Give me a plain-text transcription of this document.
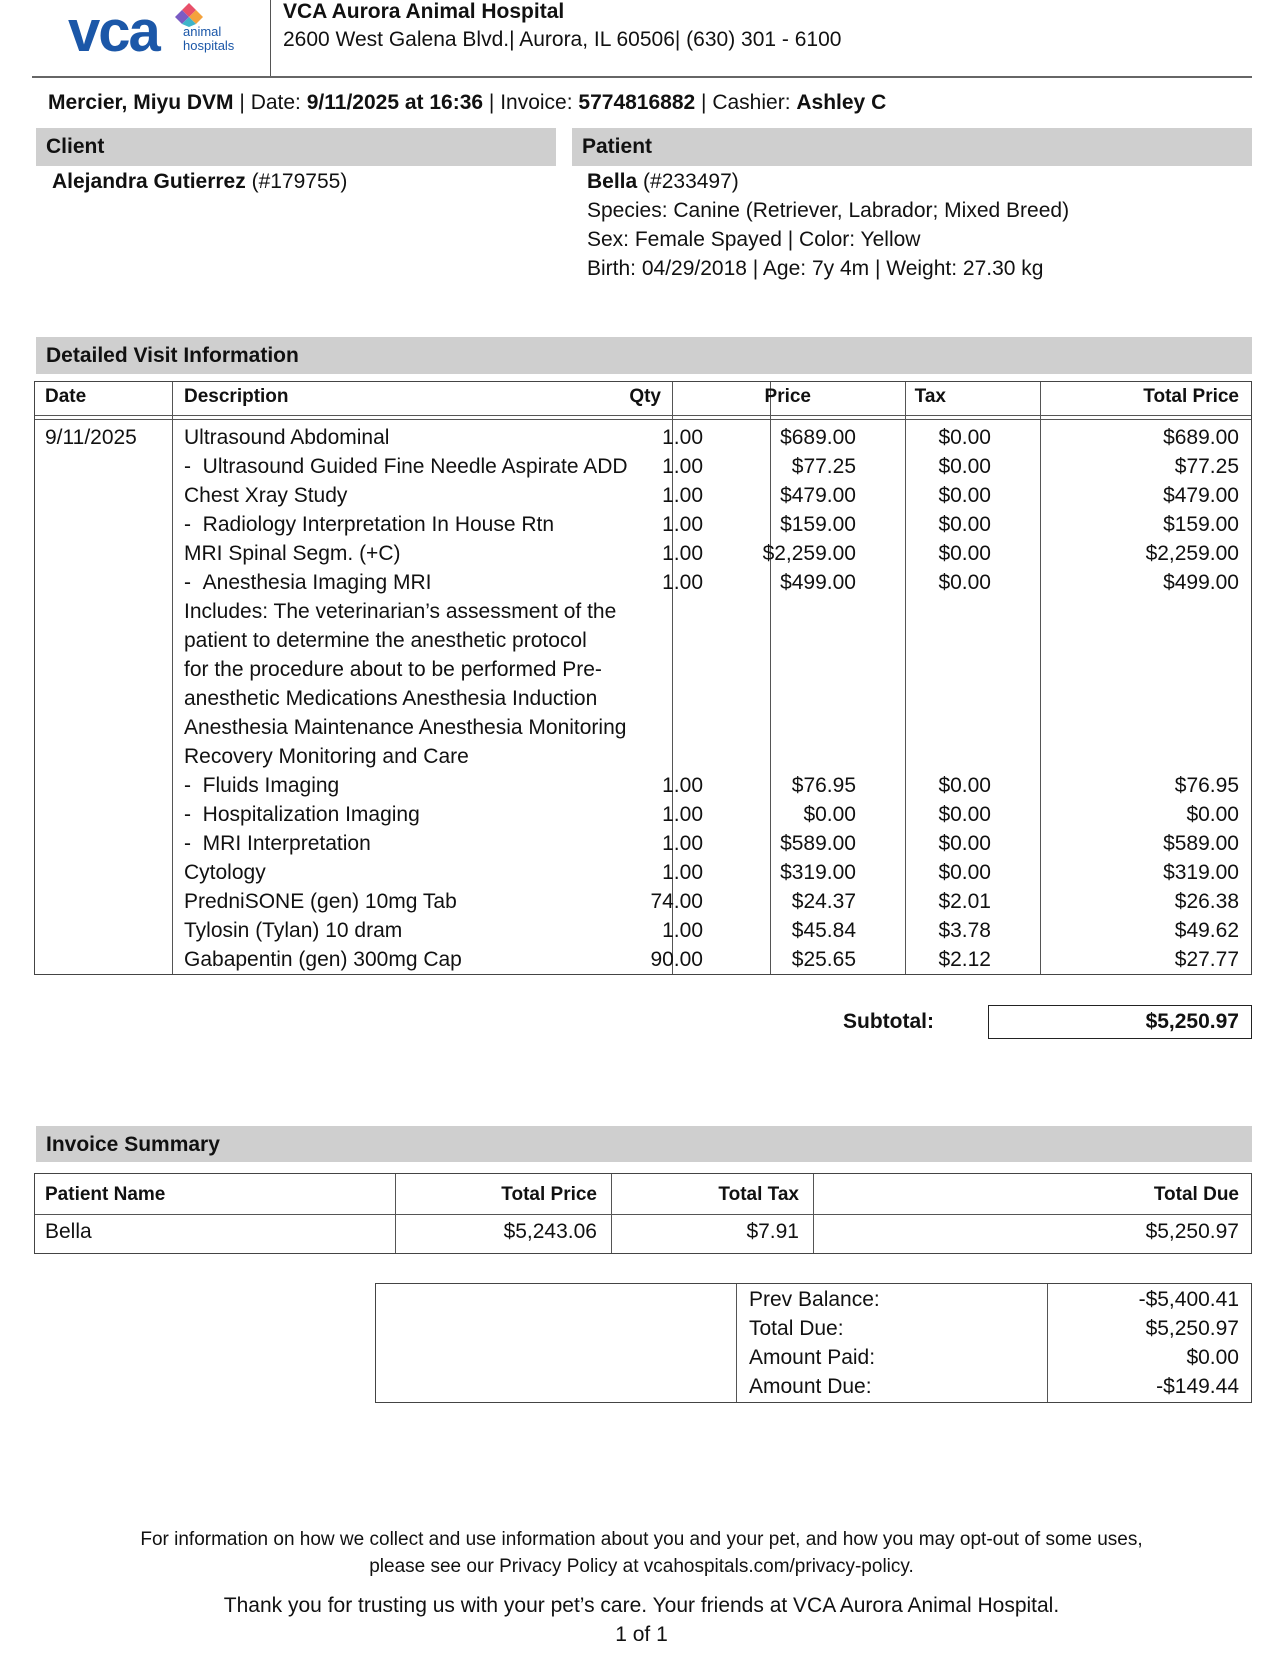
vca animal
hospitals
VCA Aurora Animal Hospital
2600 West Galena Blvd.| Aurora, IL 60506| (630) 301 - 6100
Mercier, Miyu DVM | Date: 9/11/2025 at 16:36 | Invoice: 5774816882 | Cashier: Ashley C
Client	Patient
Alejandra Gutierrez (#179755)	Bella (#233497)
Species: Canine (Retriever, Labrador; Mixed Breed)
Sex: Female Spayed | Color: Yellow
Birth: 04/29/2018 | Age: 7y 4m | Weight: 27.30 kg
Detailed Visit Information
Date	Description	Qty	Price	Tax	Total Price
9/11/2025 Ultrasound Abdominal	1.00	$689.00	$0.00	$689.00
-  Ultrasound Guided Fine Needle Aspirate ADD 1.00	$77.25	$0.00	$77.25
Chest Xray Study	1.00	$479.00	$0.00	$479.00
-  Radiology Interpretation In House Rtn	1.00	$159.00	$0.00	$159.00
MRI Spinal Segm. (+C)	1.00	$2,259.00	$0.00	$2,259.00
-  Anesthesia Imaging MRI	1.00	$499.00	$0.00	$499.00
Includes: The veterinarian’s assessment of the
patient to determine the anesthetic protocol
for the procedure about to be performed Pre-
anesthetic Medications Anesthesia Induction
Anesthesia Maintenance Anesthesia Monitoring
Recovery Monitoring and Care
-  Fluids Imaging	1.00	$76.95	$0.00	$76.95
-  Hospitalization Imaging	1.00	$0.00	$0.00	$0.00
-  MRI Interpretation	1.00	$589.00	$0.00	$589.00
Cytology	1.00	$319.00	$0.00	$319.00
PredniSONE (gen) 10mg Tab	74.00	$24.37	$2.01	$26.38
Tylosin (Tylan) 10 dram	1.00	$45.84	$3.78	$49.62
Gabapentin (gen) 300mg Cap	90.00	$25.65	$2.12	$27.77
Subtotal:	$5,250.97
Invoice Summary
Patient Name	Total Price	Total Tax	Total Due
Bella	$5,243.06	$7.91	$5,250.97
Prev Balance:	-$5,400.41
Total Due:	$5,250.97
Amount Paid:	$0.00
Amount Due:	-$149.44
For information on how we collect and use information about you and your pet, and how you may opt-out of some uses,
please see our Privacy Policy at vcahospitals.com/privacy-policy.
Thank you for trusting us with your pet’s care. Your friends at VCA Aurora Animal Hospital.
1 of 1
